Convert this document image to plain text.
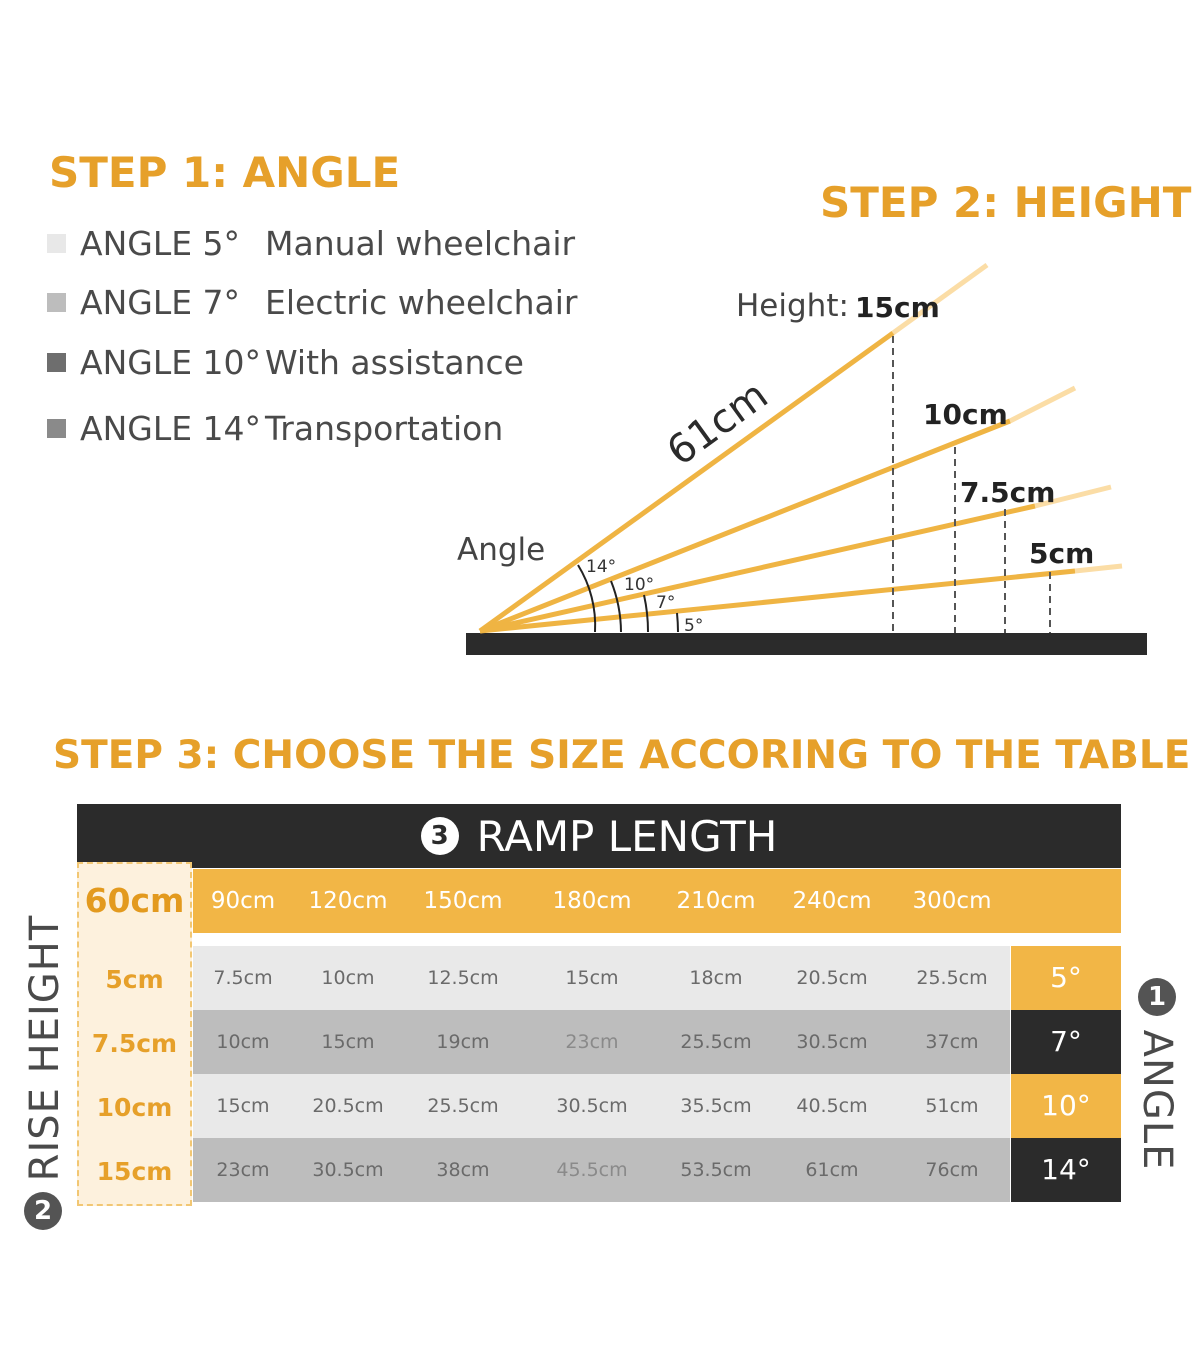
STEP 1: ANGLE
ANGLE 5° Manual wheelchair
ANGLE 7° Electric wheelchair
ANGLE 10° With assistance
ANGLE 14° Transportation
STEP 2: HEIGHT
Height: 15cm
10cm
7.5cm
5cm
61cm
Angle 14°
10°
7°
5°
STEP 3: CHOOSE THE SIZE ACCORING TO THE TABLE
3 RAMP LENGTH
90cm 120cm 150cm 180cm 210cm 240cm 300cm
60cm
5cm	7.5cm	10cm	12.5cm	15cm	18cm	20.5cm	25.5cm	5°
7.5cm	10cm	15cm	19cm	23cm	25.5cm 30.5cm	37cm	7°
10cm	15cm 20.5cm 25.5cm	30.5cm	35.5cm 40.5cm	51cm	10°
15cm	23cm 30.5cm	38cm	45.5cm	53.5cm	61cm	76cm	14°
RISE HEIGHT
2
1
ANGLE
